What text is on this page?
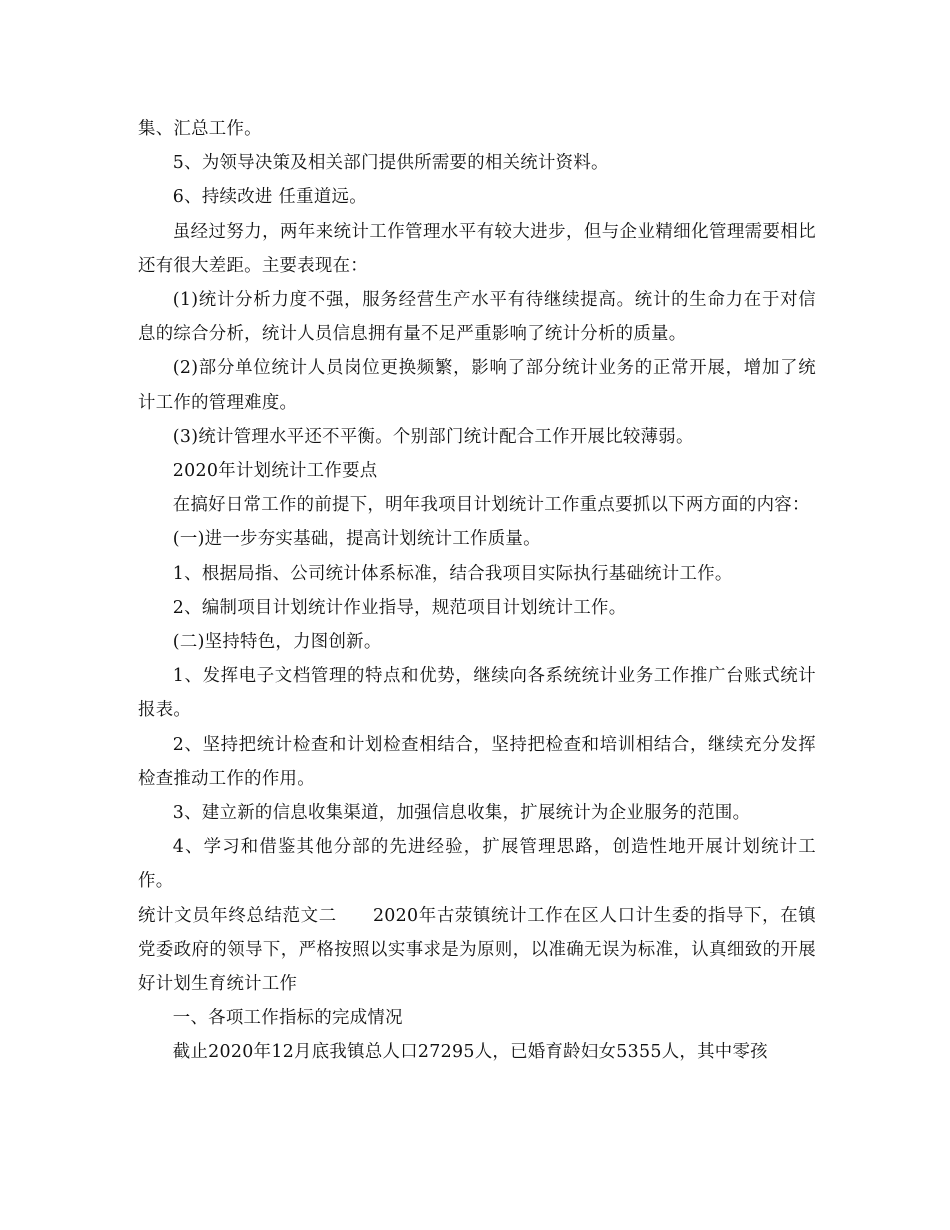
集、汇总工作。

5、为领导决策及相关部门提供所需要的相关统计资料。

6、持续改进 任重道远。

虽经过努力，两年来统计工作管理水平有较大进步，但与企业精细化管理需要相比还有很大差距。主要表现在：

(1)统计分析力度不强，服务经营生产水平有待继续提高。统计的生命力在于对信息的综合分析，统计人员信息拥有量不足严重影响了统计分析的质量。

(2)部分单位统计人员岗位更换频繁，影响了部分统计业务的正常开展，增加了统计工作的管理难度。

(3)统计管理水平还不平衡。个别部门统计配合工作开展比较薄弱。

2020年计划统计工作要点

在搞好日常工作的前提下，明年我项目计划统计工作重点要抓以下两方面的内容：

(一)进一步夯实基础，提高计划统计工作质量。

1、根据局指、公司统计体系标准，结合我项目实际执行基础统计工作。

2、编制项目计划统计作业指导，规范项目计划统计工作。

(二)坚持特色，力图创新。

1、发挥电子文档管理的特点和优势，继续向各系统统计业务工作推广台账式统计报表。

2、坚持把统计检查和计划检查相结合，坚持把检查和培训相结合，继续充分发挥检查推动工作的作用。

3、建立新的信息收集渠道，加强信息收集，扩展统计为企业服务的范围。

4、学习和借鉴其他分部的先进经验，扩展管理思路，创造性地开展计划统计工作。

统计文员年终总结范文二　　2020年古荥镇统计工作在区人口计生委的指导下，在镇党委政府的领导下，严格按照以实事求是为原则，以准确无误为标准，认真细致的开展好计划生育统计工作

一、各项工作指标的完成情况

截止2020年12月底我镇总人口27295人，已婚育龄妇女5355人，其中零孩
